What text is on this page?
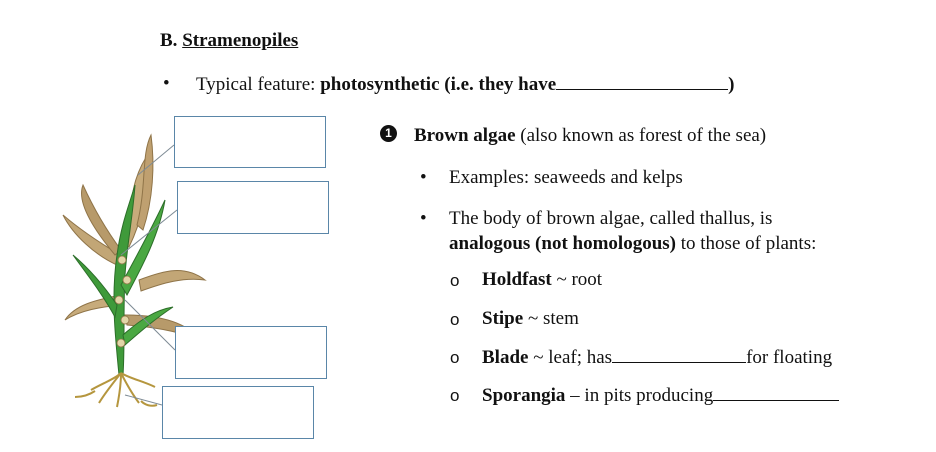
B. Stramenopiles
• Typical feature: photosynthetic (i.e. they have	)
1 Brown algae (also known as forest of the sea)
• Examples: seaweeds and kelps
• The body of brown algae, called thallus, is
analogous (not homologous) to those of plants:
o Holdfast ~ root
o Stipe ~ stem
o Blade ~ leaf; has	for floating
o Sporangia – in pits producing
